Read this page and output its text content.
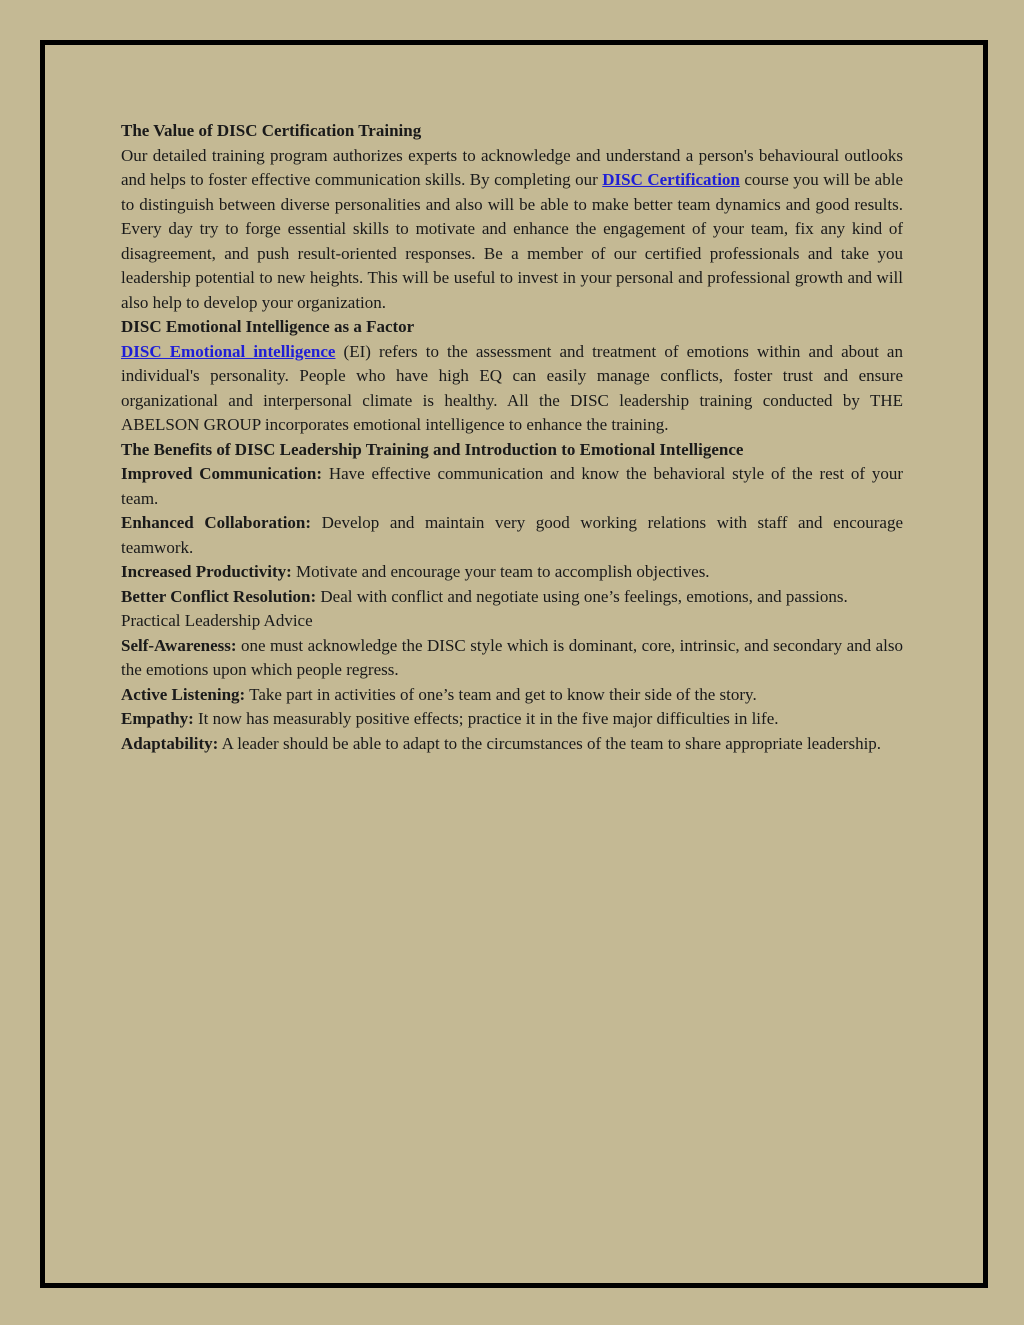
The Value of DISC Certification Training

Our detailed training program authorizes experts to acknowledge and understand a person's behavioural outlooks and helps to foster effective communication skills. By completing our DISC Certification course you will be able to distinguish between diverse personalities and also will be able to make better team dynamics and good results. Every day try to forge essential skills to motivate and enhance the engagement of your team, fix any kind of disagreement, and push result-oriented responses. Be a member of our certified professionals and take you leadership potential to new heights. This will be useful to invest in your personal and professional growth and will also help to develop your organization.

DISC Emotional Intelligence as a Factor

DISC Emotional intelligence (EI) refers to the assessment and treatment of emotions within and about an individual's personality. People who have high EQ can easily manage conflicts, foster trust and ensure organizational and interpersonal climate is healthy. All the DISC leadership training conducted by THE ABELSON GROUP incorporates emotional intelligence to enhance the training.

The Benefits of DISC Leadership Training and Introduction to Emotional Intelligence

Improved Communication: Have effective communication and know the behavioral style of the rest of your team.

Enhanced Collaboration: Develop and maintain very good working relations with staff and encourage teamwork.

Increased Productivity: Motivate and encourage your team to accomplish objectives.

Better Conflict Resolution: Deal with conflict and negotiate using one’s feelings, emotions, and passions.

Practical Leadership Advice

Self-Awareness: one must acknowledge the DISC style which is dominant, core, intrinsic, and secondary and also the emotions upon which people regress.

Active Listening: Take part in activities of one’s team and get to know their side of the story.

Empathy: It now has measurably positive effects; practice it in the five major difficulties in life.

Adaptability: A leader should be able to adapt to the circumstances of the team to share appropriate leadership.
